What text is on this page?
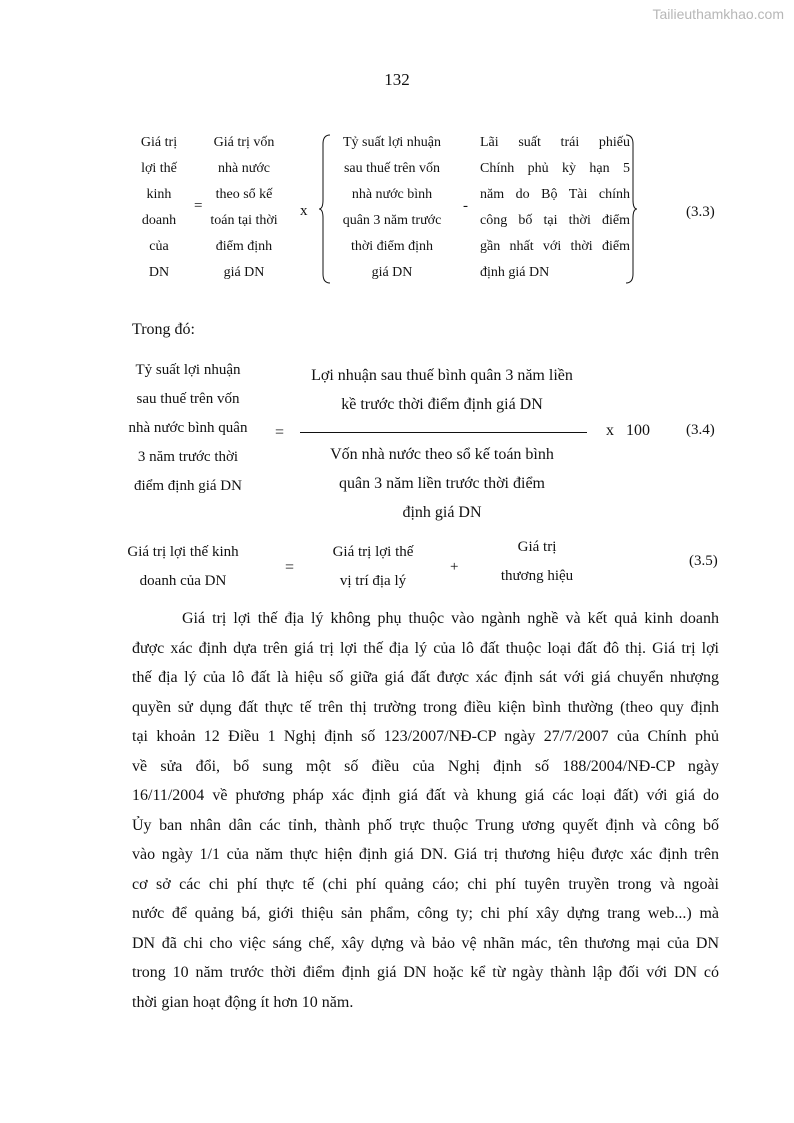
Tailieuthamkhao.com
132
Giá trị
lợi thế
kinh
doanh
của
DN
=
Giá trị vốn
nhà nước
theo sổ kế
toán tại thời
điểm định
giá DN
x
Tỷ suất lợi nhuận
sau thuế trên vốn
nhà nước bình
quân 3 năm trước
thời điểm định
giá DN
-
Lãi suất trái phiếu
Chính phủ kỳ hạn 5
năm do Bộ Tài chính
công bố tại thời điểm
gần nhất với thời điểm
định giá DN
(3.3)
Trong đó:
Tỷ suất lợi nhuận
sau thuế trên vốn
nhà nước bình quân
3 năm trước thời
điểm định giá DN
=
Lợi nhuận sau thuế bình quân 3 năm liền
kề trước thời điểm định giá DN
Vốn nhà nước theo sổ kế toán bình
quân 3 năm liền trước thời điểm
định giá DN
x 100 (3.4)
Giá trị lợi thế kinh
doanh của DN
=
Giá trị lợi thế
vị trí địa lý
+
Giá trị
thương hiệu
(3.5)
Giá trị lợi thế địa lý không phụ thuộc vào ngành nghề và kết quả kinh doanh
được xác định dựa trên giá trị lợi thế địa lý của lô đất thuộc loại đất đô thị. Giá trị lợi
thế địa lý của lô đất là hiệu số giữa giá đất được xác định sát với giá chuyển nhượng
quyền sử dụng đất thực tế trên thị trường trong điều kiện bình thường (theo quy định
tại khoản 12 Điều 1 Nghị định số 123/2007/NĐ-CP ngày 27/7/2007 của Chính phủ
về sửa đổi, bổ sung một số điều của Nghị định số 188/2004/NĐ-CP ngày
16/11/2004 về phương pháp xác định giá đất và khung giá các loại đất) với giá do
Ủy ban nhân dân các tỉnh, thành phố trực thuộc Trung ương quyết định và công bố
vào ngày 1/1 của năm thực hiện định giá DN. Giá trị thương hiệu được xác định trên
cơ sở các chi phí thực tế (chi phí quảng cáo; chi phí tuyên truyền trong và ngoài
nước để quảng bá, giới thiệu sản phẩm, công ty; chi phí xây dựng trang web...) mà
DN đã chi cho việc sáng chế, xây dựng và bảo vệ nhãn mác, tên thương mại của DN
trong 10 năm trước thời điểm định giá DN hoặc kể từ ngày thành lập đối với DN có
thời gian hoạt động ít hơn 10 năm.
